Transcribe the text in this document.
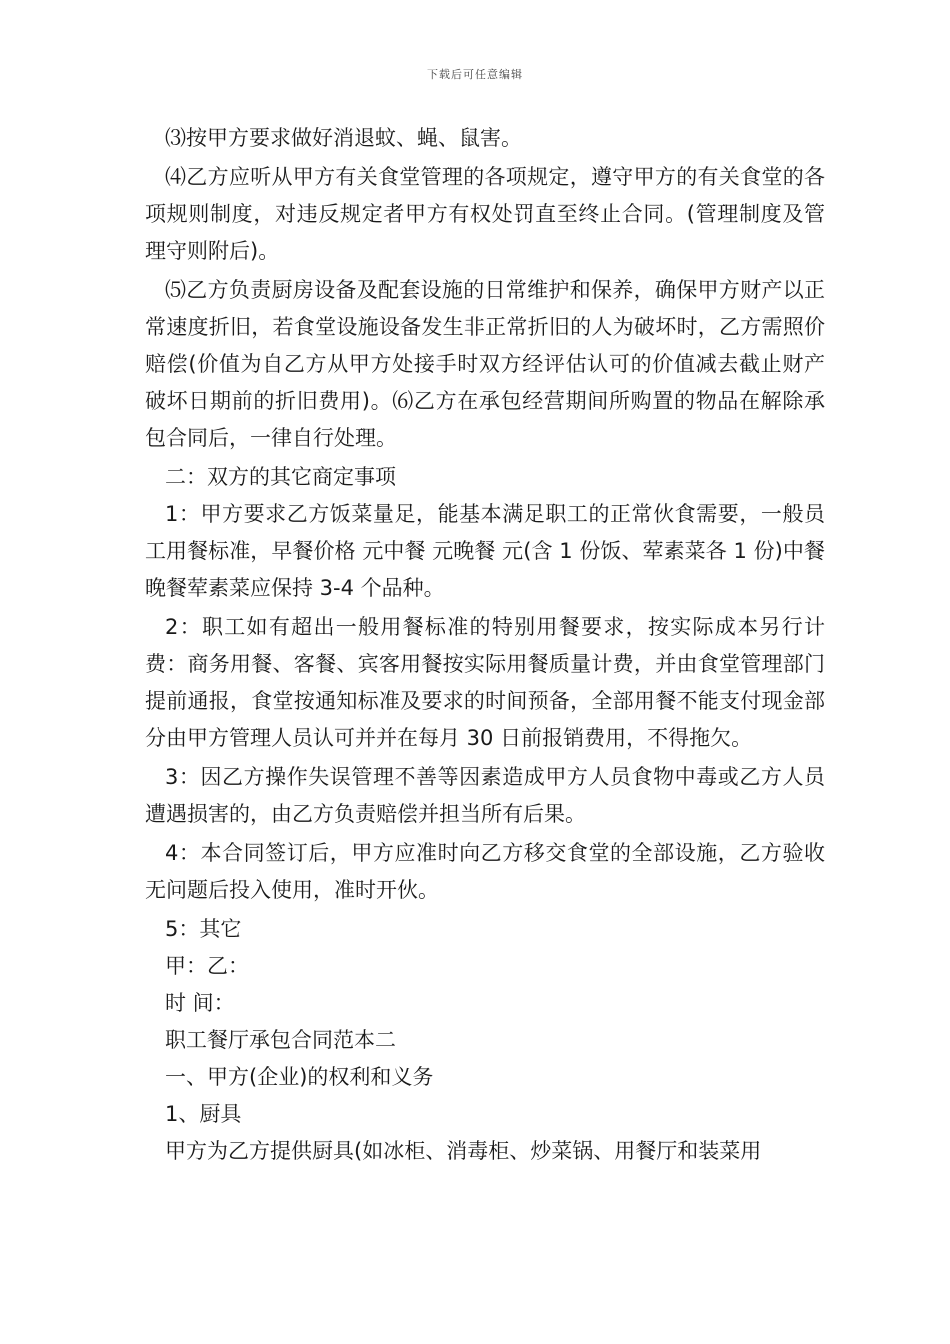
下载后可任意编辑

⑶按甲方要求做好消退蚊、蝇、鼠害。

⑷乙方应听从甲方有关食堂管理的各项规定，遵守甲方的有关食堂的各项规则制度，对违反规定者甲方有权处罚直至终止合同。(管理制度及管理守则附后)。

⑸乙方负责厨房设备及配套设施的日常维护和保养，确保甲方财产以正常速度折旧，若食堂设施设备发生非正常折旧的人为破坏时，乙方需照价赔偿(价值为自乙方从甲方处接手时双方经评估认可的价值减去截止财产破坏日期前的折旧费用)。⑹乙方在承包经营期间所购置的物品在解除承包合同后，一律自行处理。

二：双方的其它商定事项

1：甲方要求乙方饭菜量足，能基本满足职工的正常伙食需要，一般员工用餐标准，早餐价格 元中餐 元晚餐 元(含 1 份饭、荤素菜各 1 份)中餐晚餐荤素菜应保持 3-4 个品种。

2：职工如有超出一般用餐标准的特别用餐要求，按实际成本另行计费：商务用餐、客餐、宾客用餐按实际用餐质量计费，并由食堂管理部门提前通报，食堂按通知标准及要求的时间预备，全部用餐不能支付现金部分由甲方管理人员认可并并在每月 30 日前报销费用，不得拖欠。

3：因乙方操作失误管理不善等因素造成甲方人员食物中毒或乙方人员遭遇损害的，由乙方负责赔偿并担当所有后果。

4：本合同签订后，甲方应准时向乙方移交食堂的全部设施，乙方验收无问题后投入使用，准时开伙。

5：其它

甲：乙：

时 间：

职工餐厅承包合同范本二

一、甲方(企业)的权利和义务

1、厨具

甲方为乙方提供厨具(如冰柜、消毒柜、炒菜锅、用餐厅和装菜用
